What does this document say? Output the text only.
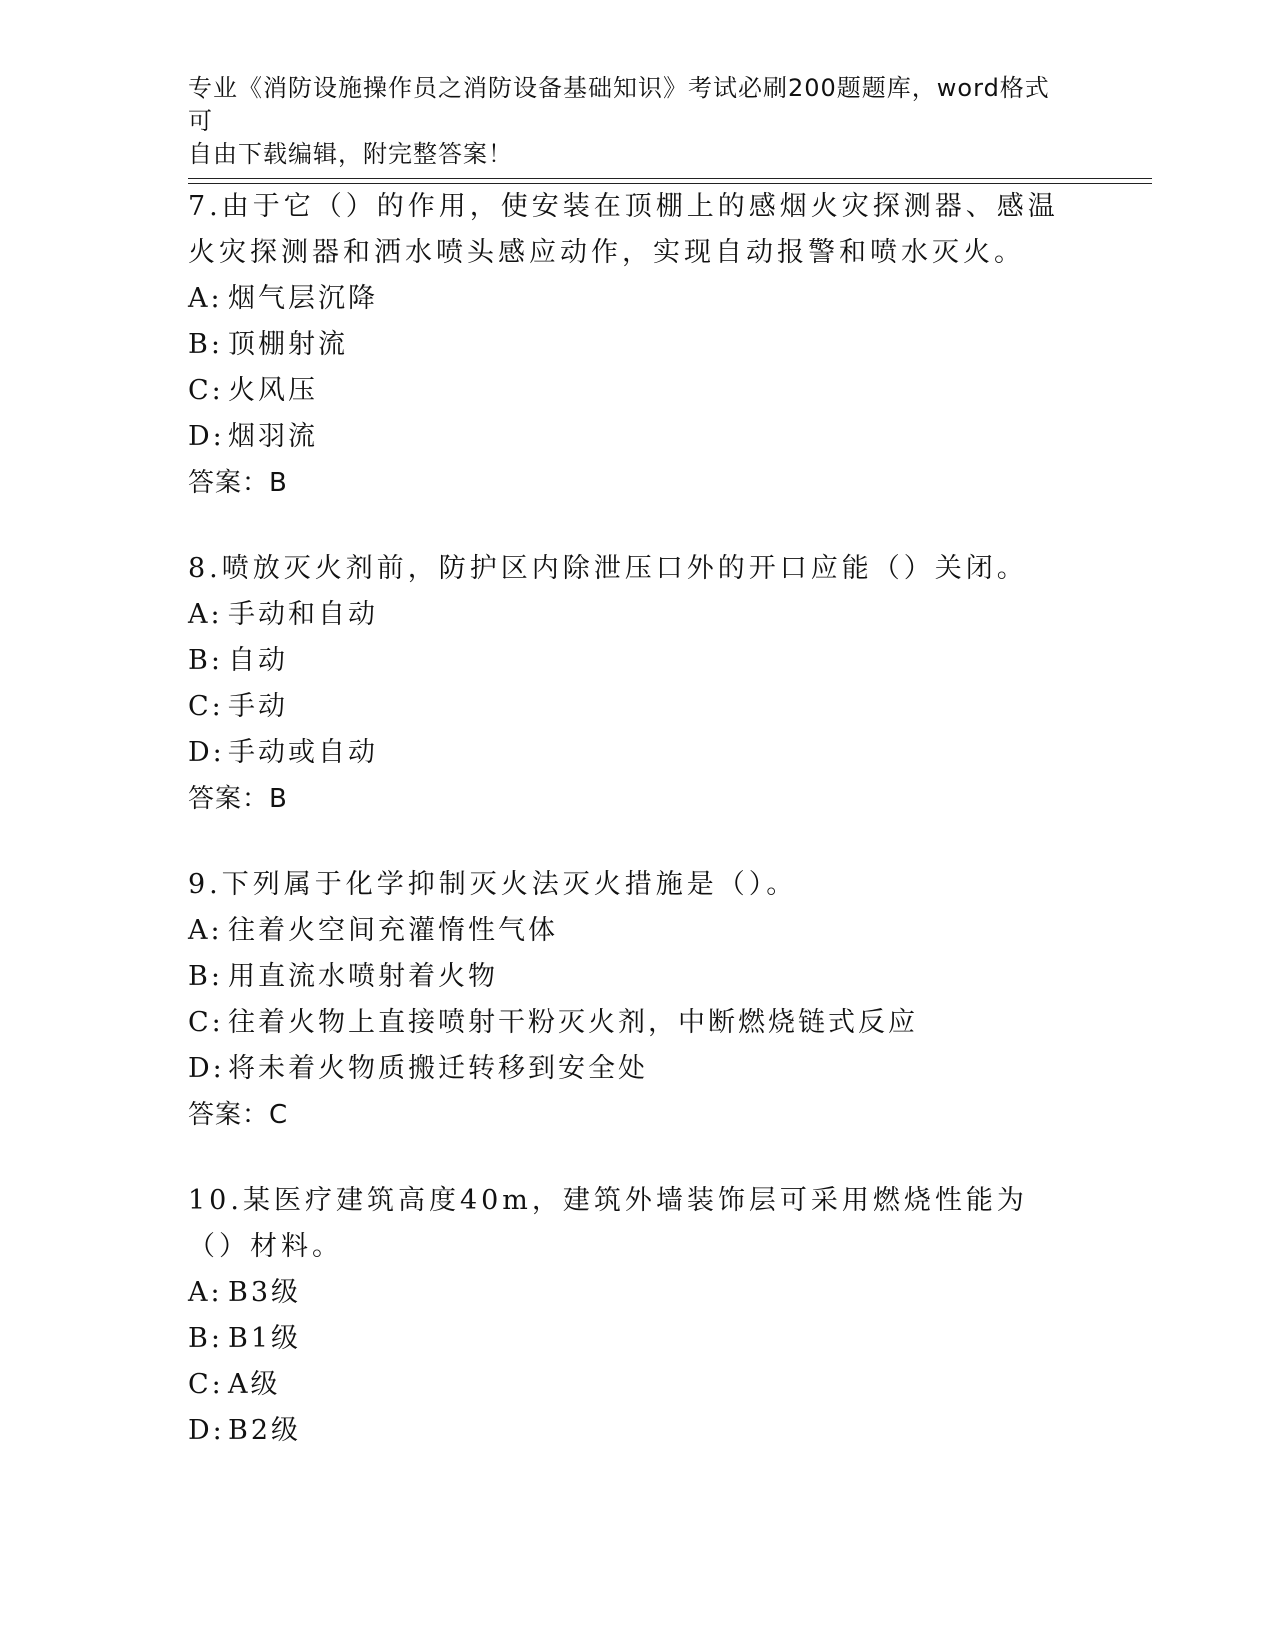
专业《消防设施操作员之消防设备基础知识》考试必刷200题题库，word格式可
自由下载编辑，附完整答案！

7.由于它（）的作用，使安装在顶棚上的感烟火灾探测器、感温火灾探测器和洒水喷头感应动作，实现自动报警和喷水灭火。

A: 烟气层沉降

B: 顶棚射流

C: 火风压

D: 烟羽流

答案：B

8.喷放灭火剂前，防护区内除泄压口外的开口应能（）关闭。

A: 手动和自动

B: 自动

C: 手动

D: 手动或自动

答案：B

9.下列属于化学抑制灭火法灭火措施是（）。

A: 往着火空间充灌惰性气体

B: 用直流水喷射着火物

C: 往着火物上直接喷射干粉灭火剂，中断燃烧链式反应

D: 将未着火物质搬迁转移到安全处

答案：C

10.某医疗建筑高度40m，建筑外墙装饰层可采用燃烧性能为（）材料。

A: B3级

B: B1级

C: A级

D: B2级
